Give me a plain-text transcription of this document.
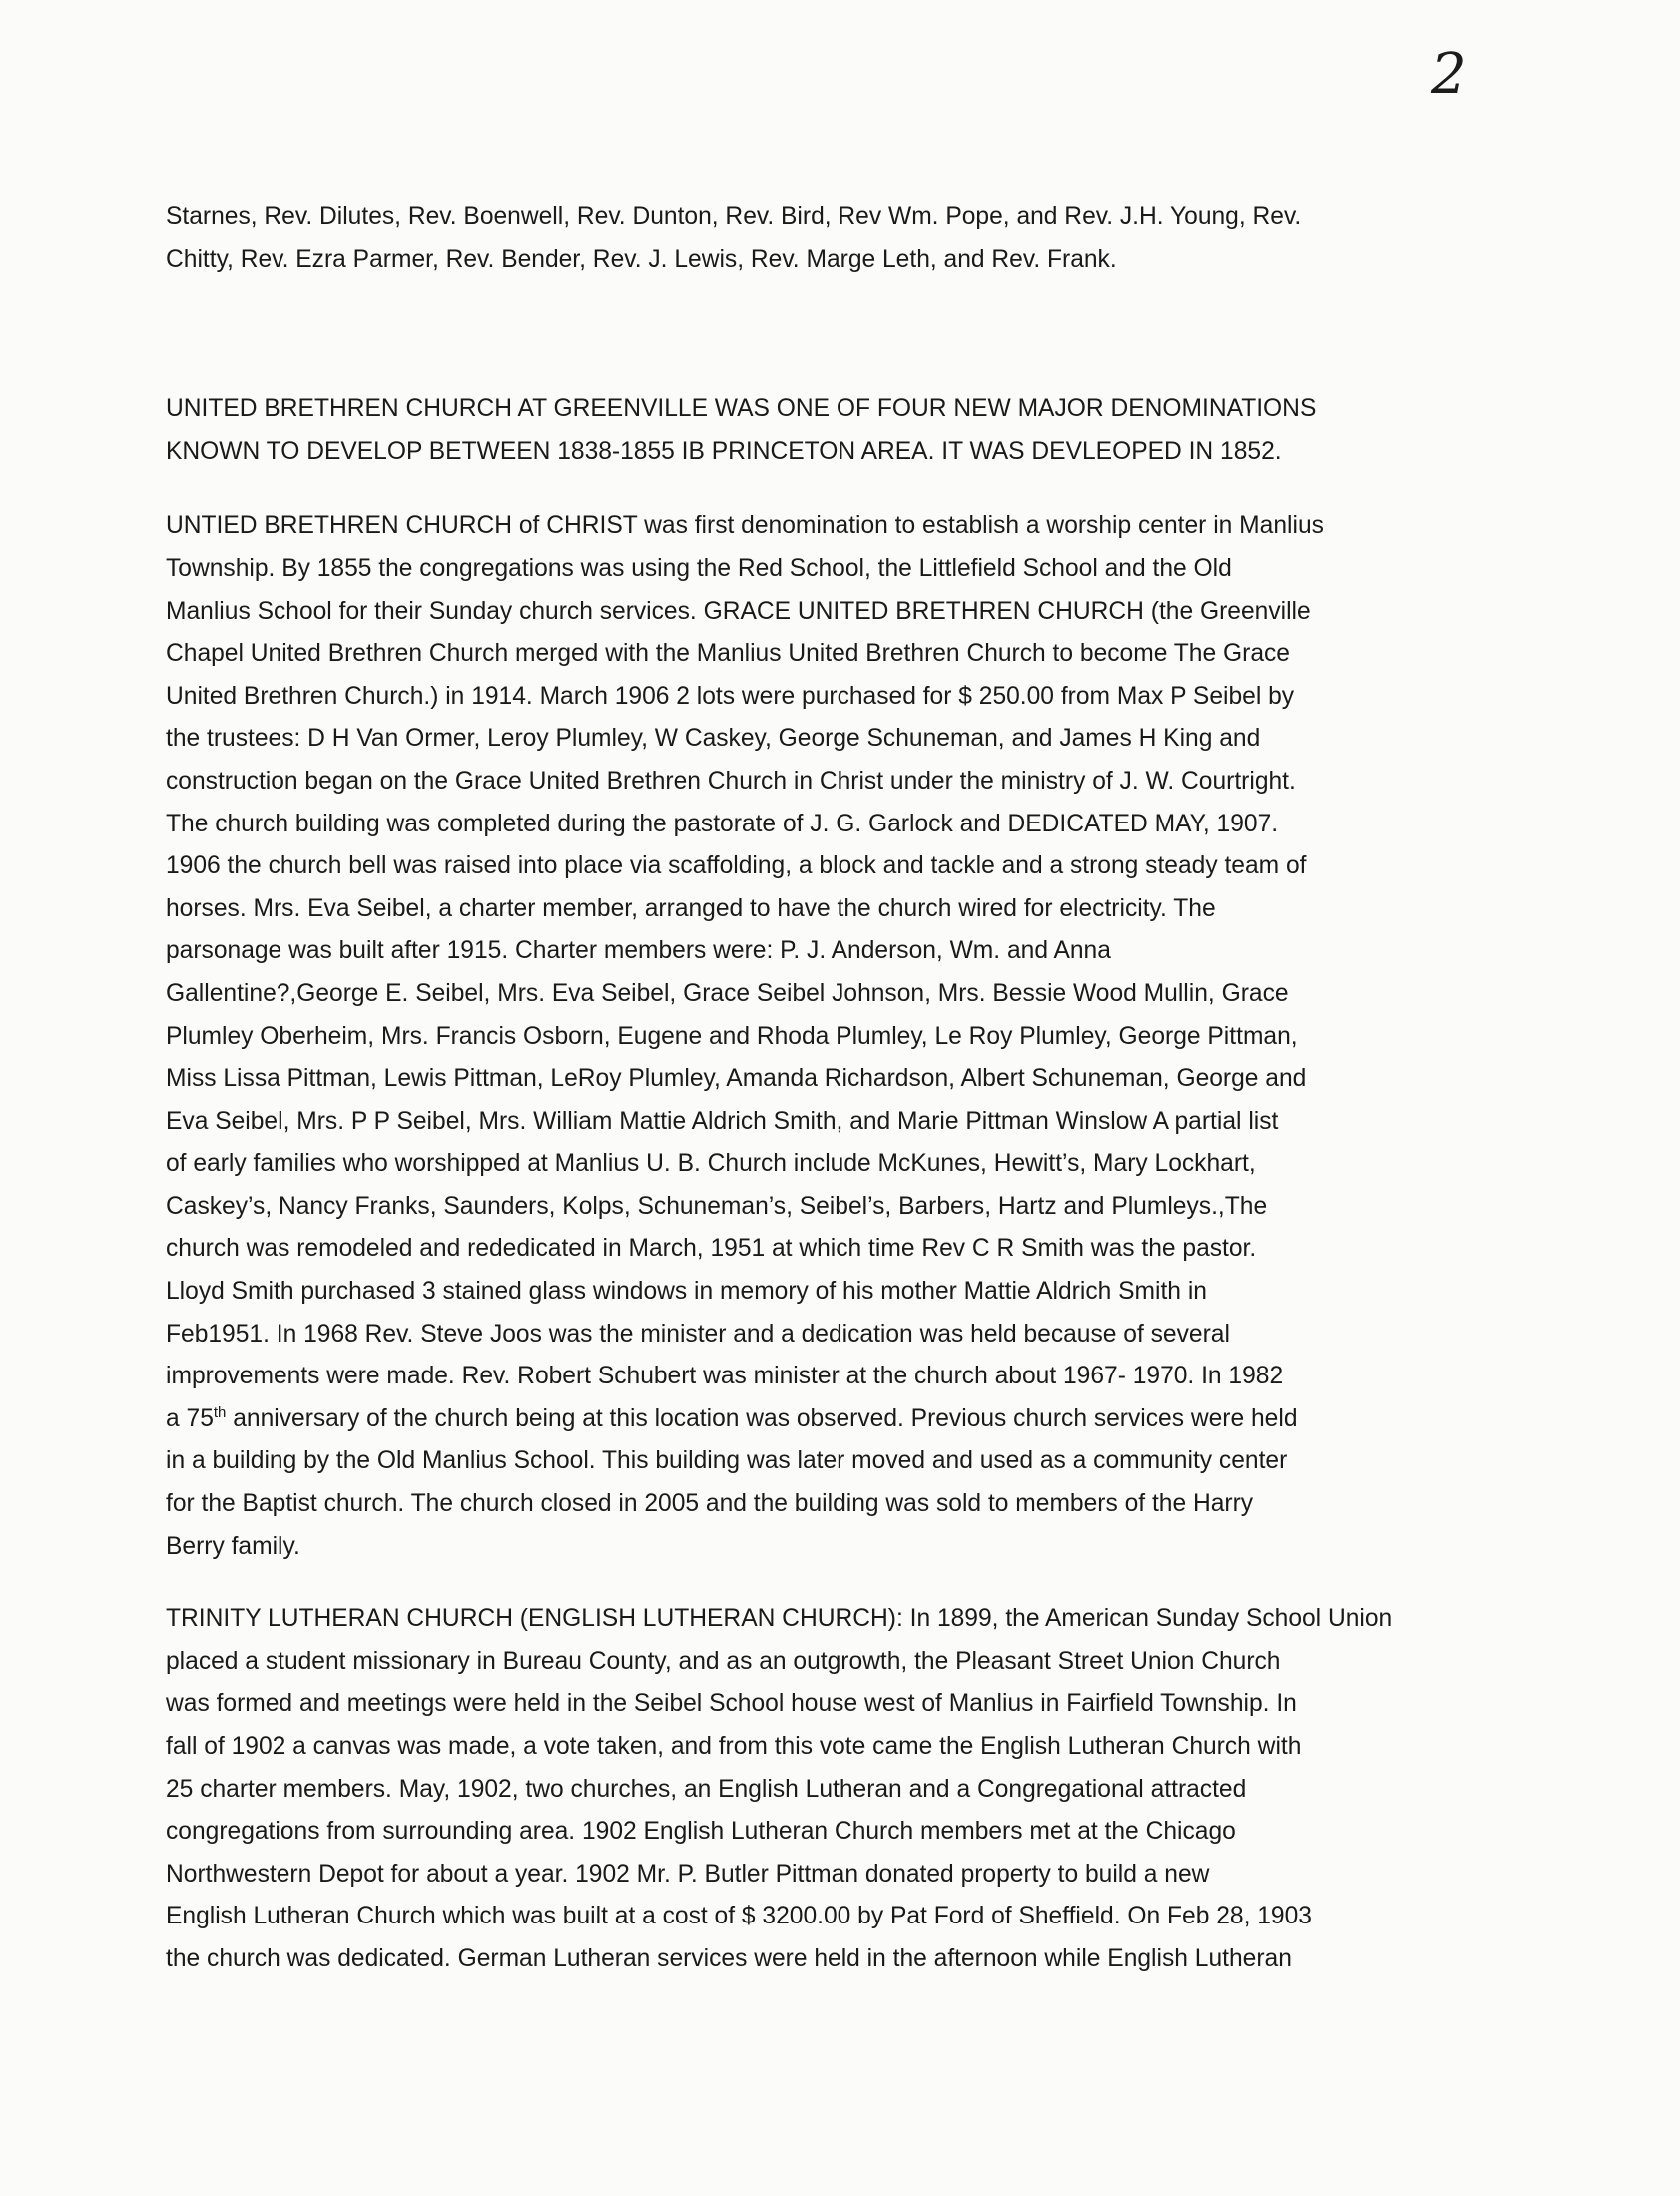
2

Starnes, Rev. Dilutes, Rev. Boenwell, Rev. Dunton, Rev. Bird, Rev Wm. Pope, and Rev. J.H. Young, Rev.
Chitty, Rev. Ezra Parmer, Rev. Bender, Rev. J. Lewis, Rev. Marge Leth, and Rev. Frank.

UNITED BRETHREN CHURCH AT GREENVILLE WAS ONE OF FOUR NEW MAJOR DENOMINATIONS
KNOWN TO DEVELOP BETWEEN 1838-1855 IB PRINCETON AREA. IT WAS DEVLEOPED IN 1852.

UNTIED BRETHREN CHURCH of CHRIST was first denomination to establish a worship center in Manlius
Township. By 1855 the congregations was using the Red School, the Littlefield School and the Old
Manlius School for their Sunday church services. GRACE UNITED BRETHREN CHURCH (the Greenville
Chapel United Brethren Church merged with the Manlius United Brethren Church to become The Grace
United Brethren Church.) in 1914. March 1906 2 lots were purchased for $ 250.00 from Max P Seibel by
the trustees: D H Van Ormer, Leroy Plumley, W Caskey, George Schuneman, and James H King and
construction began on the Grace United Brethren Church in Christ under the ministry of J. W. Courtright.
The church building was completed during the pastorate of J. G. Garlock and DEDICATED MAY, 1907.
1906 the church bell was raised into place via scaffolding, a block and tackle and a strong steady team of
horses. Mrs. Eva Seibel, a charter member, arranged to have the church wired for electricity. The
parsonage was built after 1915. Charter members were: P. J. Anderson, Wm. and Anna
Gallentine?,George E. Seibel, Mrs. Eva Seibel, Grace Seibel Johnson, Mrs. Bessie Wood Mullin, Grace
Plumley Oberheim, Mrs. Francis Osborn, Eugene and Rhoda Plumley, Le Roy Plumley, George Pittman,
Miss Lissa Pittman, Lewis Pittman, LeRoy Plumley, Amanda Richardson, Albert Schuneman, George and
Eva Seibel, Mrs. P P Seibel, Mrs. William Mattie Aldrich Smith, and Marie Pittman Winslow A partial list
of early families who worshipped at Manlius U. B. Church include McKunes, Hewitt’s, Mary Lockhart,
Caskey’s, Nancy Franks, Saunders, Kolps, Schuneman’s, Seibel’s, Barbers, Hartz and Plumleys.,The
church was remodeled and rededicated in March, 1951 at which time Rev C R Smith was the pastor.
Lloyd Smith purchased 3 stained glass windows in memory of his mother Mattie Aldrich Smith in
Feb1951. In 1968 Rev. Steve Joos was the minister and a dedication was held because of several
improvements were made. Rev. Robert Schubert was minister at the church about 1967- 1970. In 1982
a 75th anniversary of the church being at this location was observed. Previous church services were held
in a building by the Old Manlius School. This building was later moved and used as a community center
for the Baptist church. The church closed in 2005 and the building was sold to members of the Harry
Berry family.

TRINITY LUTHERAN CHURCH (ENGLISH LUTHERAN CHURCH): In 1899, the American Sunday School Union
placed a student missionary in Bureau County, and as an outgrowth, the Pleasant Street Union Church
was formed and meetings were held in the Seibel School house west of Manlius in Fairfield Township. In
fall of 1902 a canvas was made, a vote taken, and from this vote came the English Lutheran Church with
25 charter members. May, 1902, two churches, an English Lutheran and a Congregational attracted
congregations from surrounding area. 1902 English Lutheran Church members met at the Chicago
Northwestern Depot for about a year. 1902 Mr. P. Butler Pittman donated property to build a new
English Lutheran Church which was built at a cost of $ 3200.00 by Pat Ford of Sheffield. On Feb 28, 1903
the church was dedicated. German Lutheran services were held in the afternoon while English Lutheran
